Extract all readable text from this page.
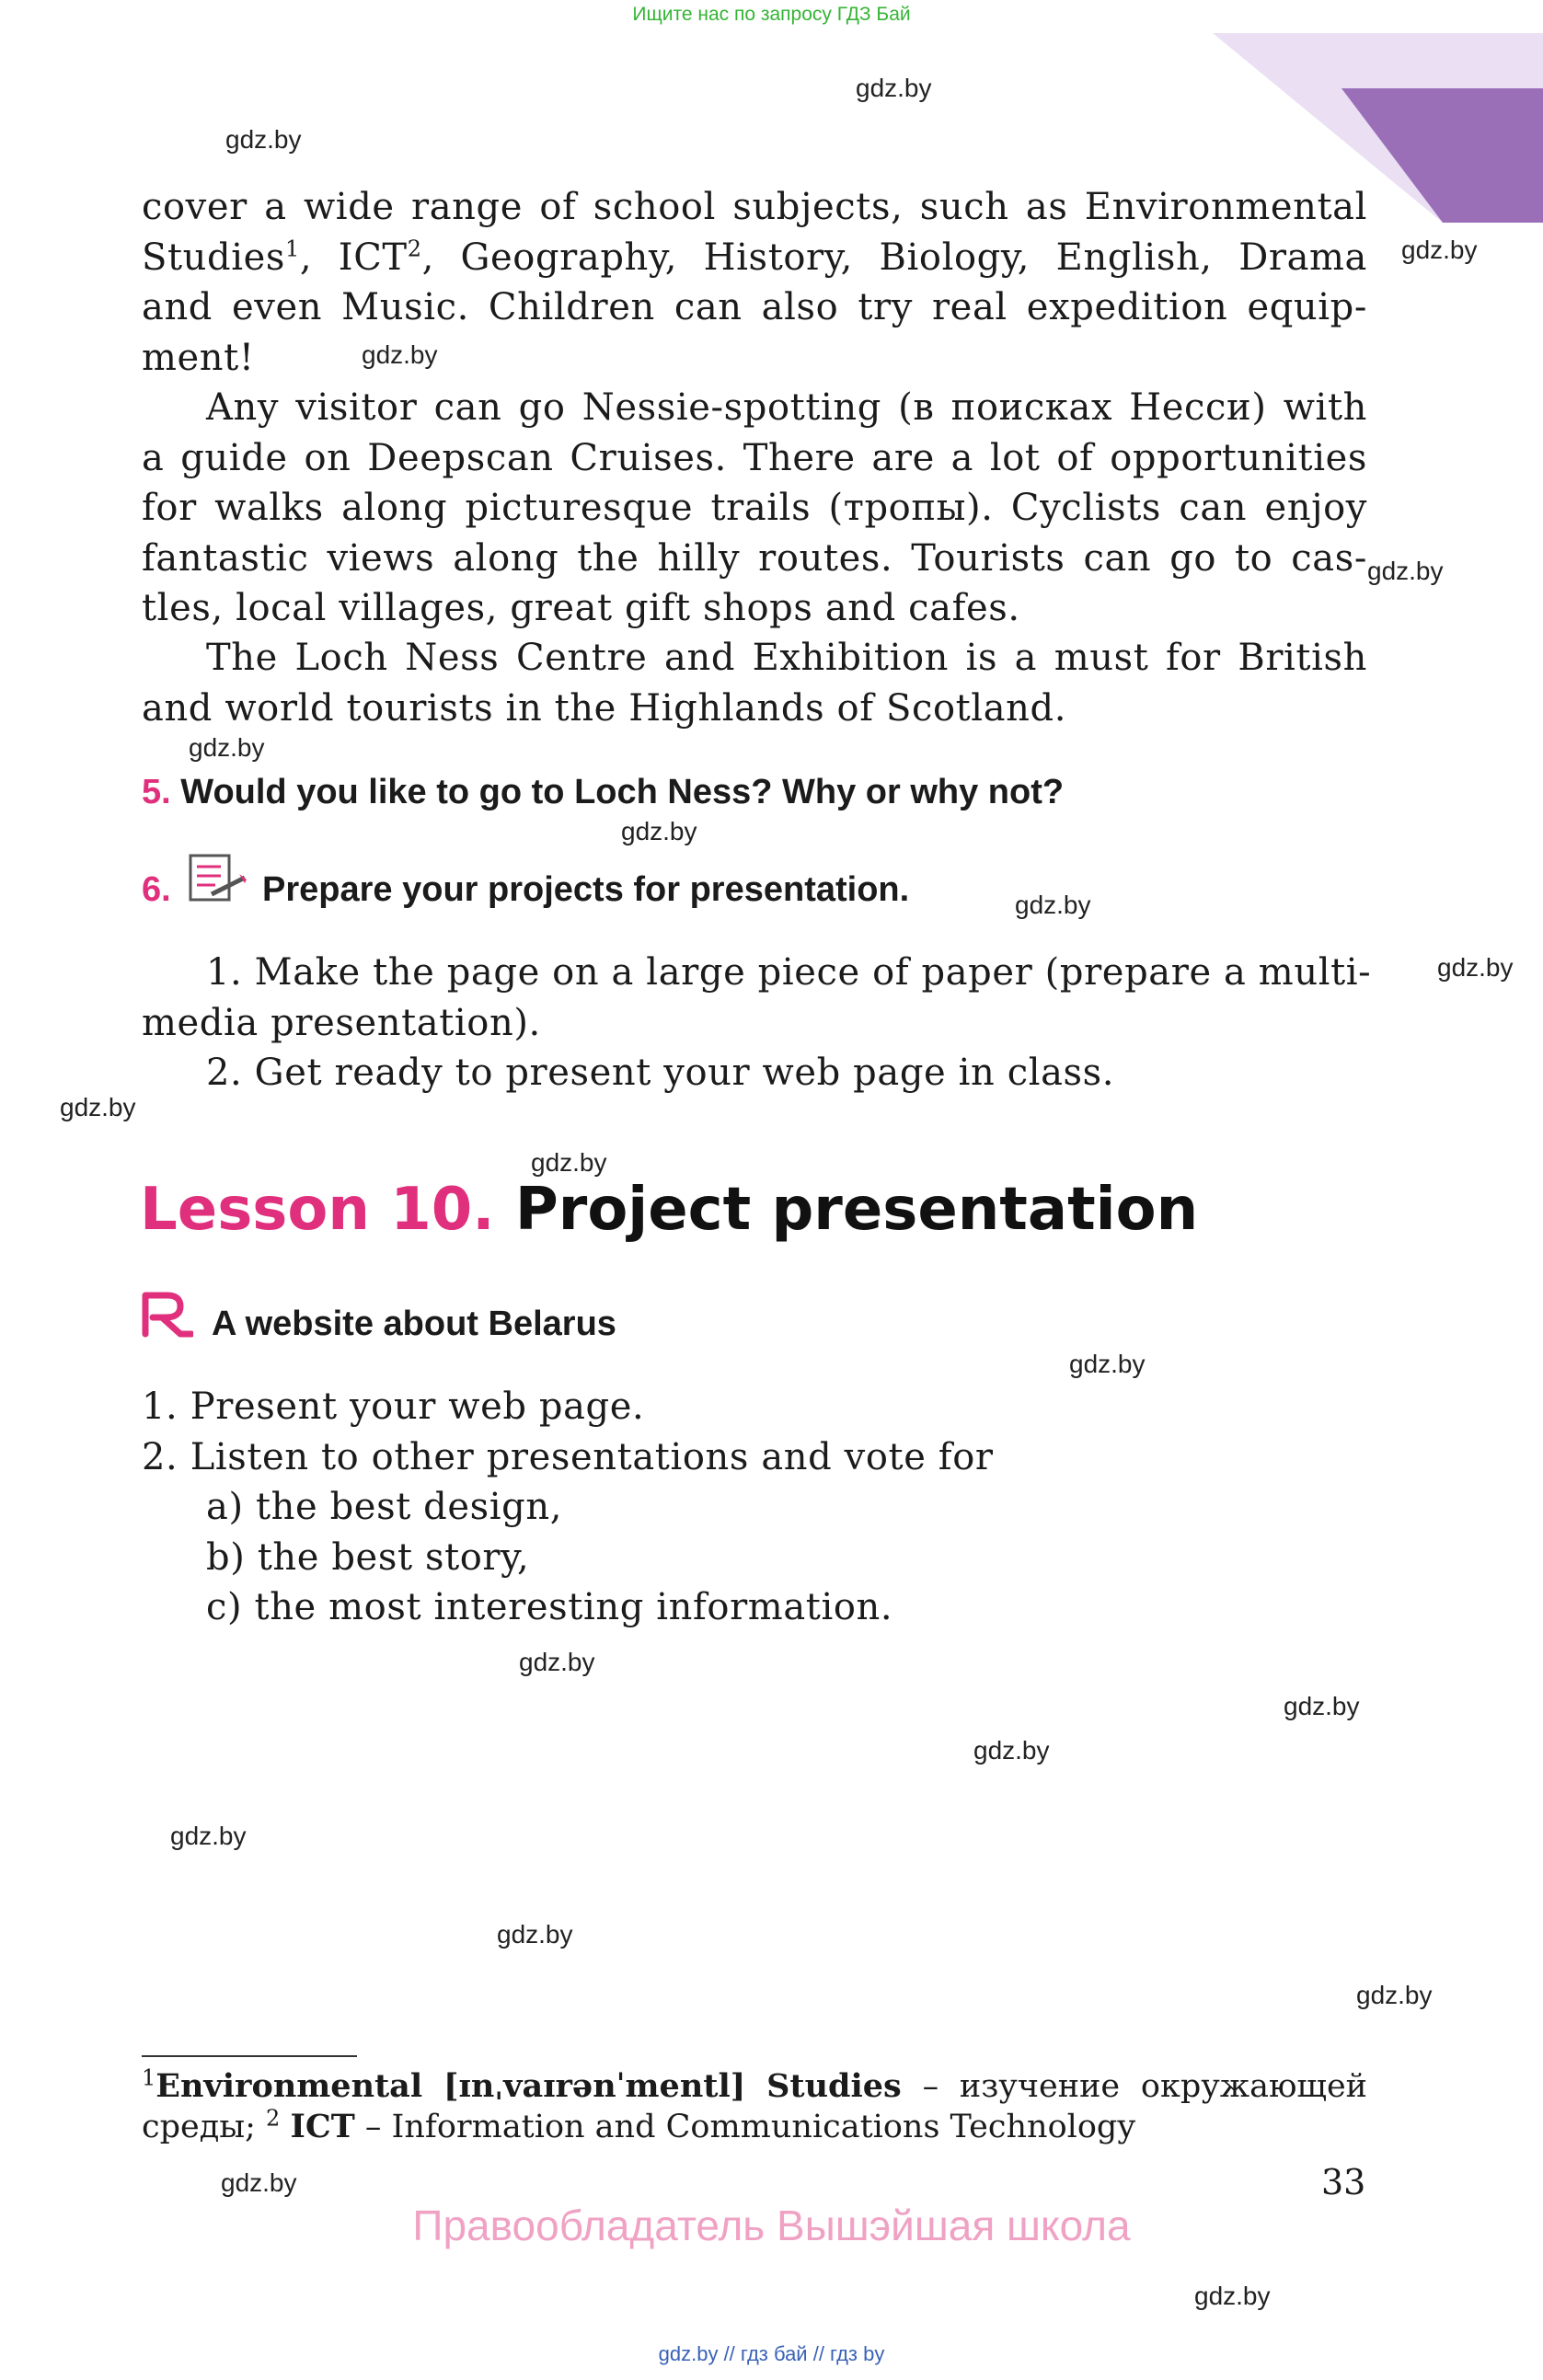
Ищите нас по запросу ГДЗ Бай
gdz.by
gdz.by
gdz.by
gdz.by
gdz.by
gdz.by
gdz.by
gdz.by
gdz.by
gdz.by
gdz.by
gdz.by
gdz.by
gdz.by
gdz.by
gdz.by
gdz.by
gdz.by
gdz.by
gdz.by
cover a wide range of school subjects, such as Environmental
Studies$^1$, ICT$^2$, Geography, History, Biology, English, Drama
and even Music. Children can also try real expedition equip-
ment!
Any visitor can go Nessie-spotting (в поисках Несси) with
a guide on Deepscan Cruises. There are a lot of opportunities
for walks along picturesque trails (тропы). Cyclists can enjoy
fantastic views along the hilly routes. Tourists can go to cas-
tles, local villages, great gift shops and cafes.
The Loch Ness Centre and Exhibition is a must for British
and world tourists in the Highlands of Scotland.
5. Would you like to go to Loch Ness? Why or why not?
6.	Prepare your projects for presentation.
1. Make the page on a large piece of paper (prepare a multi-
media presentation).
2. Get ready to present your web page in class.
Lesson 10. Project presentation
A website about Belarus
1. Present your web page.
2. Listen to other presentations and vote for
a) the best design,
b) the best story,
c) the most interesting information.
$^1$Environmental [ɪnˌvaɪrənˈmentl] Studies – изучение окружающей
среды; $^2$ ICT – Information and Communications Technology
33
Правообладатель Вышэйшая школа
gdz.by // гдз бай // гдз by
